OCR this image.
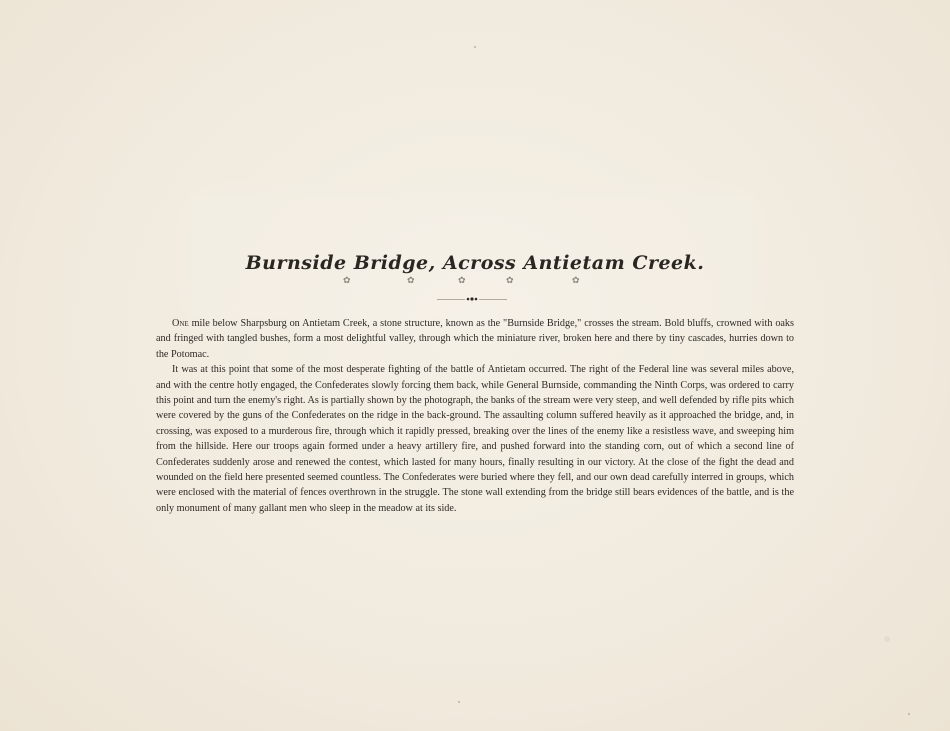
Burnside Bridge, Across Antietam Creek.
✿	✿	✿	✿	✿

One mile below Sharpsburg on Antietam Creek, a stone structure, known as the "Burnside Bridge," crosses the stream. Bold bluffs, crowned with oaks and fringed with tangled bushes, form a most delightful valley, through which the miniature river, broken here and there by tiny cascades, hurries down to the Potomac.

It was at this point that some of the most desperate fighting of the battle of Antietam occurred. The right of the Federal line was several miles above, and with the centre hotly engaged, the Confederates slowly forcing them back, while General Burnside, commanding the Ninth Corps, was ordered to carry this point and turn the enemy's right. As is partially shown by the photograph, the banks of the stream were very steep, and well defended by rifle pits which were covered by the guns of the Confederates on the ridge in the back-ground. The assaulting column suffered heavily as it approached the bridge, and, in crossing, was exposed to a murderous fire, through which it rapidly pressed, breaking over the lines of the enemy like a resistless wave, and sweeping him from the hillside. Here our troops again formed under a heavy artillery fire, and pushed forward into the standing corn, out of which a second line of Confederates suddenly arose and renewed the contest, which lasted for many hours, finally resulting in our victory. At the close of the fight the dead and wounded on the field here presented seemed countless. The Confederates were buried where they fell, and our own dead carefully interred in groups, which were enclosed with the material of fences overthrown in the struggle. The stone wall extending from the bridge still bears evidences of the battle, and is the only monument of many gallant men who sleep in the meadow at its side.
